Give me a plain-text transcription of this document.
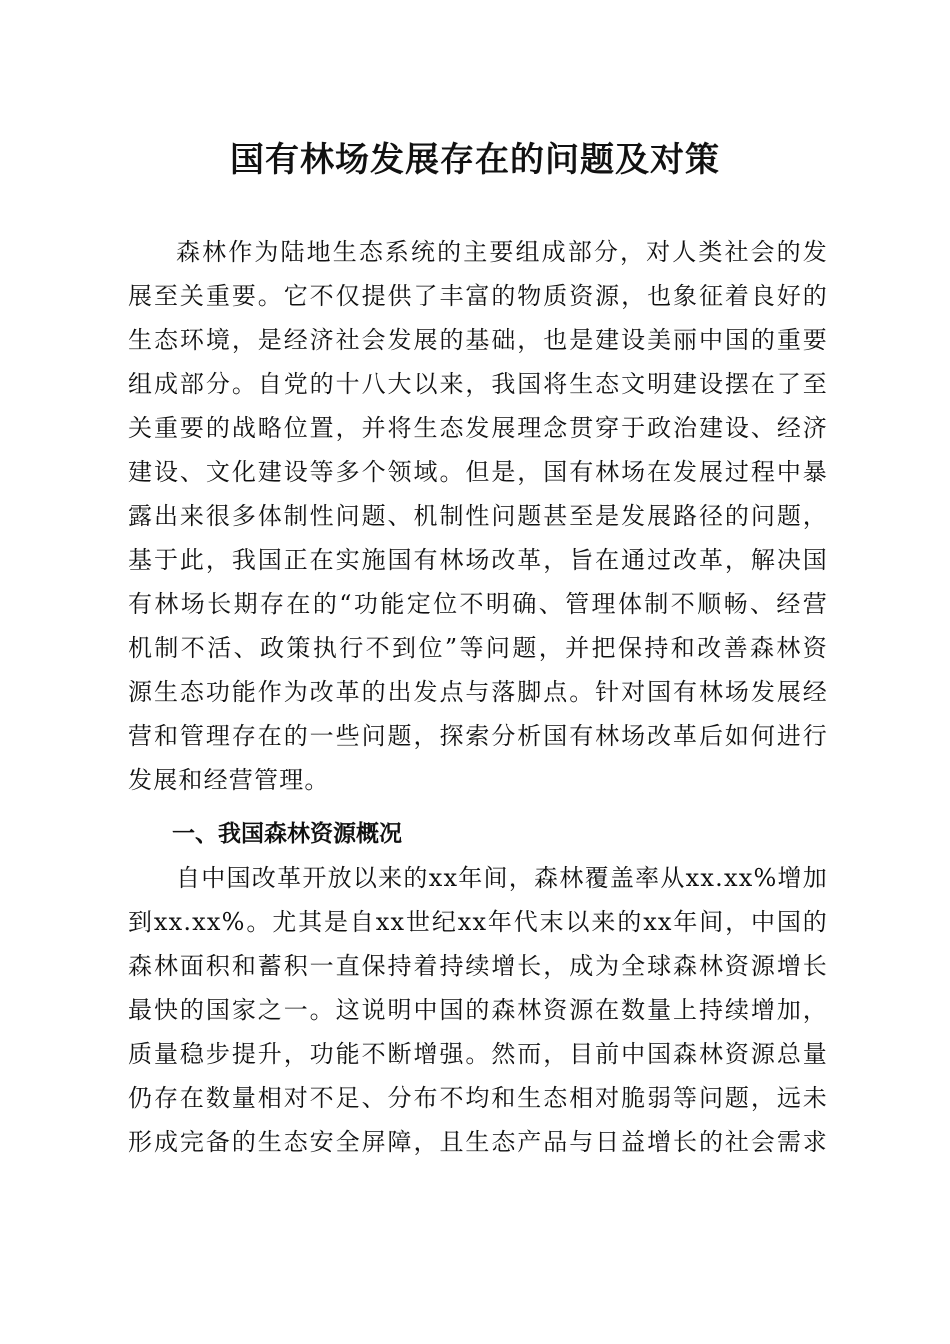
国有林场发展存在的问题及对策
森林作为陆地生态系统的主要组成部分，对人类社会的发
展至关重要。它不仅提供了丰富的物质资源，也象征着良好的
生态环境，是经济社会发展的基础，也是建设美丽中国的重要
组成部分。自党的十八大以来，我国将生态文明建设摆在了至
关重要的战略位置，并将生态发展理念贯穿于政治建设、经济
建设、文化建设等多个领域。但是，国有林场在发展过程中暴
露出来很多体制性问题、机制性问题甚至是发展路径的问题，
基于此，我国正在实施国有林场改革，旨在通过改革，解决国
有林场长期存在的“功能定位不明确、管理体制不顺畅、经营
机制不活、政策执行不到位”等问题，并把保持和改善森林资
源生态功能作为改革的出发点与落脚点。针对国有林场发展经
营和管理存在的一些问题，探索分析国有林场改革后如何进行
发展和经营管理。
一、我国森林资源概况
自中国改革开放以来的xx年间，森林覆盖率从xx.xx%增加
到xx.xx%。尤其是自xx世纪xx年代末以来的xx年间，中国的
森林面积和蓄积一直保持着持续增长，成为全球森林资源增长
最快的国家之一。这说明中国的森林资源在数量上持续增加，
质量稳步提升，功能不断增强。然而，目前中国森林资源总量
仍存在数量相对不足、分布不均和生态相对脆弱等问题，远未
形成完备的生态安全屏障，且生态产品与日益增长的社会需求
